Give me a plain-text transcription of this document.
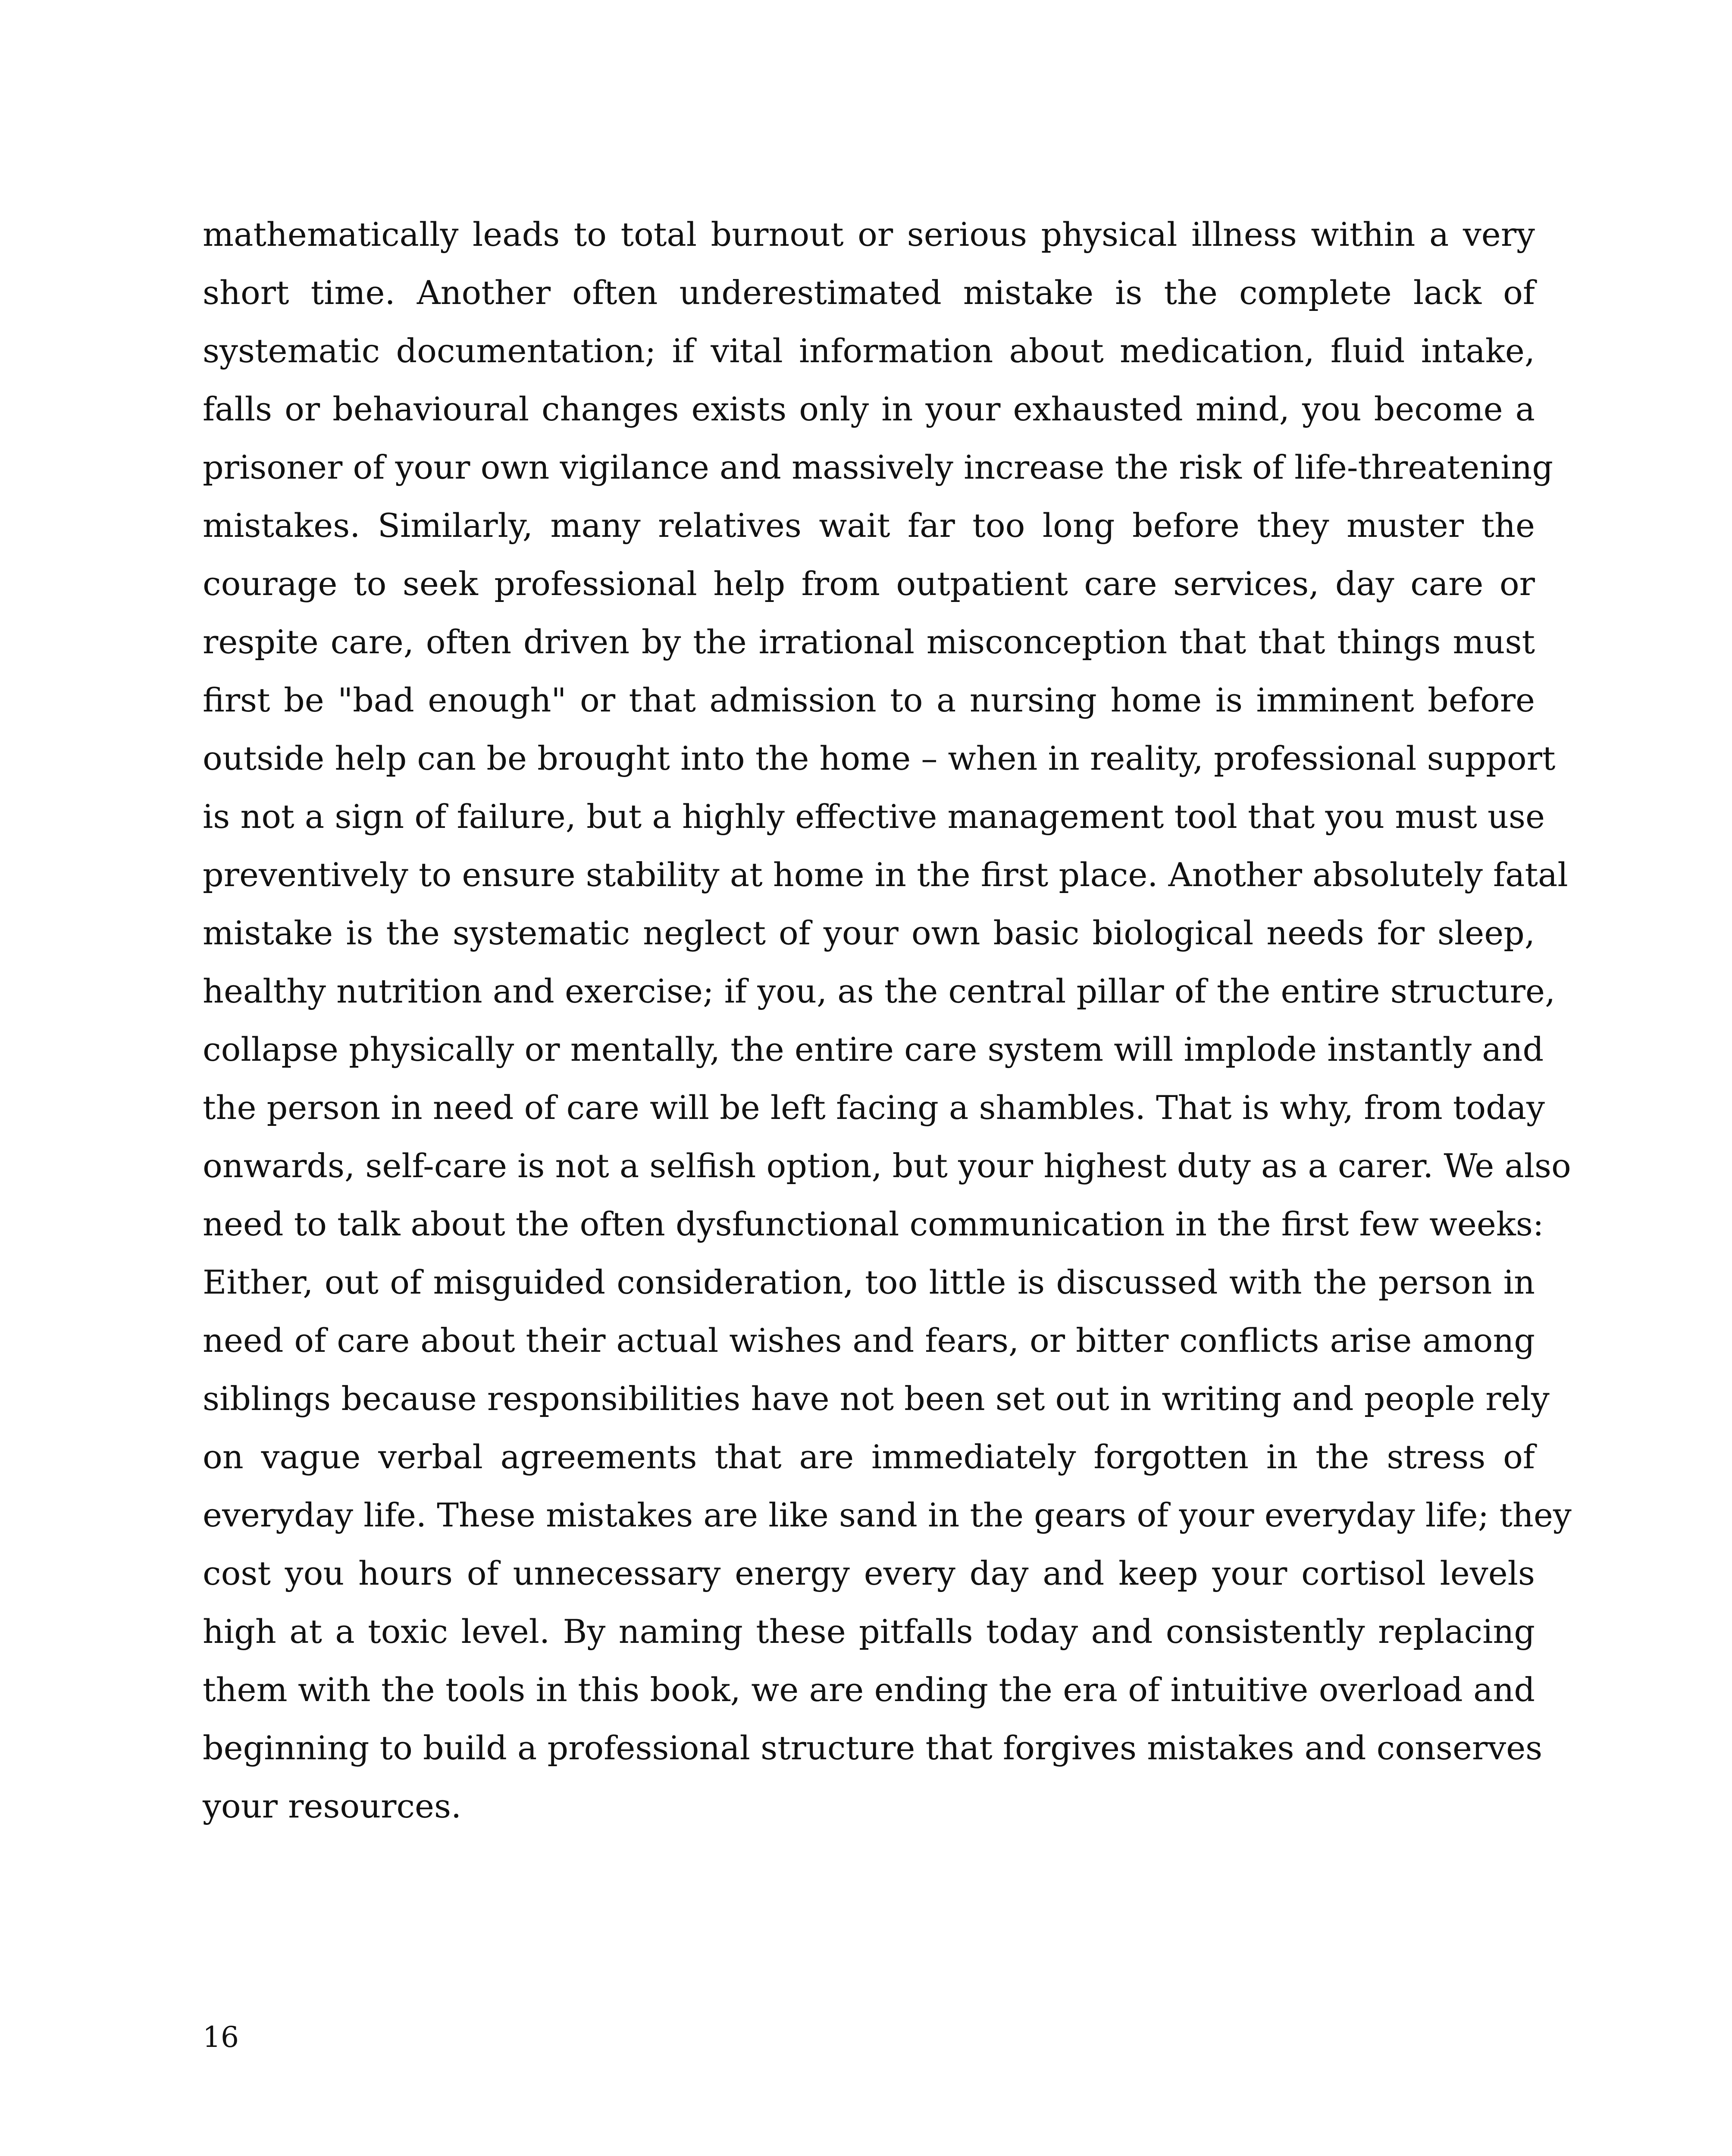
mathematically leads to total burnout or serious physical illness within a very
short time. Another often underestimated mistake is the complete lack of
systematic documentation; if vital information about medication, fluid intake,
falls or behavioural changes exists only in your exhausted mind, you become a
prisoner of your own vigilance and massively increase the risk of life-threatening
mistakes. Similarly, many relatives wait far too long before they muster the
courage to seek professional help from outpatient care services, day care or
respite care, often driven by the irrational misconception that that things must
first be "bad enough" or that admission to a nursing home is imminent before
outside help can be brought into the home – when in reality, professional support
is not a sign of failure, but a highly effective management tool that you must use
preventively to ensure stability at home in the first place. Another absolutely fatal
mistake is the systematic neglect of your own basic biological needs for sleep,
healthy nutrition and exercise; if you, as the central pillar of the entire structure,
collapse physically or mentally, the entire care system will implode instantly and
the person in need of care will be left facing a shambles. That is why, from today
onwards, self-care is not a selfish option, but your highest duty as a carer. We also
need to talk about the often dysfunctional communication in the first few weeks:
Either, out of misguided consideration, too little is discussed with the person in
need of care about their actual wishes and fears, or bitter conflicts arise among
siblings because responsibilities have not been set out in writing and people rely
on vague verbal agreements that are immediately forgotten in the stress of
everyday life. These mistakes are like sand in the gears of your everyday life; they
cost you hours of unnecessary energy every day and keep your cortisol levels
high at a toxic level. By naming these pitfalls today and consistently replacing
them with the tools in this book, we are ending the era of intuitive overload and
beginning to build a professional structure that forgives mistakes and conserves
your resources.

16
